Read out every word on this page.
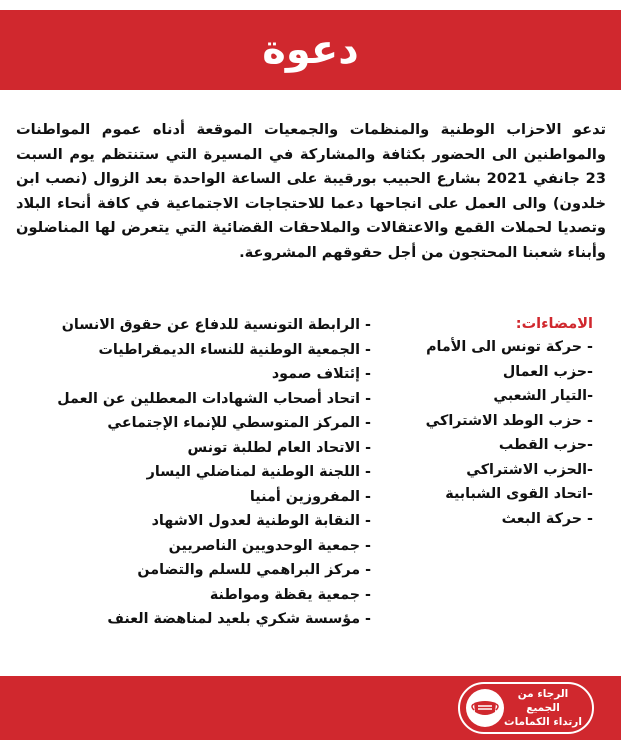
دعوة

تدعو الاحزاب الوطنية والمنظمات والجمعيات الموقعة أدناه عموم المواطنات والمواطنين الى الحضور بكثافة والمشاركة في المسيرة التي ستنتظم يوم السبت 23 جانفي 2021 بشارع الحبيب بورقيبة على الساعة الواحدة بعد الزوال (نصب ابن خلدون) والى العمل على انجاحها دعما للاحتجاجات الاجتماعية في كافة أنحاء البلاد وتصديا لحملات القمع والاعتقالات والملاحقات القضائية التي يتعرض لها المناضلون وأبناء شعبنا المحتجون من أجل حقوقهم المشروعة.

الامضاءات:
- حركة تونس الى الأمام
-حزب العمال
-التيار الشعبي
- حزب الوطد الاشتراكي
-حزب القطب
-الحزب الاشتراكي
-اتحاد القوى الشبابية
- حركة البعث
- الرابطة التونسية للدفاع عن حقوق الانسان
- الجمعية الوطنية للنساء الديمقراطيات
- إئتلاف صمود
- اتحاد أصحاب الشهادات المعطلين عن العمل
- المركز المتوسطي للإنماء الإجتماعي
- الاتحاد العام لطلبة تونس
- اللجنة الوطنية لمناضلي اليسار
- المفروزين أمنيا
- النقابة الوطنية لعدول الاشهاد
- جمعية الوحدويين الناصريين
- مركز البراهمي للسلم والتضامن
- جمعية يقظة ومواطنة
- مؤسسة شكري بلعيد لمناهضة العنف
الرجاء من الجميع
ارتداء الكمامات
